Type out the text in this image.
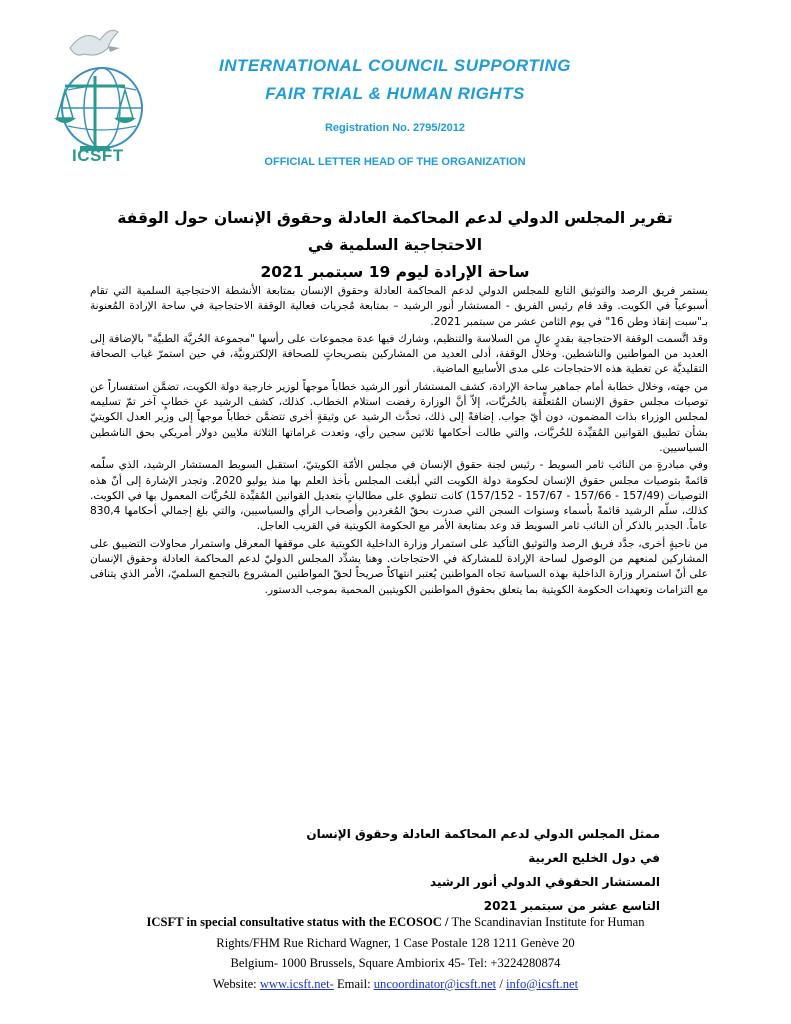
ICSFT
INTERNATIONAL COUNCIL SUPPORTING
FAIR TRIAL & HUMAN RIGHTS
Registration No. 2795/2012
OFFICIAL LETTER HEAD OF THE ORGANIZATION
تقرير المجلس الدولي لدعم المحاكمة العادلة وحقوق الإنسان حول الوقفة الاحتجاجية السلمية في
ساحة الإرادة ليوم 19 سبتمبر 2021

يستمر فريق الرصد والتوثيق التابع للمجلس الدولي لدعم المحاكمة العادلة وحقوق الإنسان بمتابعة الأنشطة الاحتجاجية السلمية التي تقام أسبوعياً في الكويت. وقد قام رئيس الفريق - المستشار أنور الرشيد – بمتابعة مُجريات فعالية الوقفة الاحتجاجية في ساحة الإرادة المُعنونة بـ"سبت إنقاذ وطن 16" في يوم الثامن عشر من سبتمبر 2021.

وقد اتَّسمت الوقفة الاحتجاجية بقدرٍ عالٍ من السلاسة والتنظيم، وشارك فيها عدة مجموعات على رأسها "مجموعة الحُريَّة الطبيَّة" بالإضافة إلى العديد من المواطنين والناشطين. وخلال الوقفة، أدلى العديد من المشاركين بتصريحاتٍ للصحافة الإلكترونيَّة، في حين استمرّ غياب الصحافة التقليديَّة عن تغطية هذه الاحتجاجات على مدى الأسابيع الماضية.

من جهته، وخلال خطابة أمام جماهير ساحة الإرادة، كشف المستشار أنور الرشيد خطاباً موجهاً لوزير خارجية دولة الكويت، تضمَّن استفساراً عن توصيات مجلس حقوق الإنسان المُتعلِّقة بالحُريَّات، إلاّ أنَّ الوزارة رفضت استلام الخطاب. كذلك، كشف الرشيد عن خطابٍ آخر تمّ تسليمه لمجلس الوزراء بذات المضمون، دون أيّ جواب. إضافةً إلى ذلك، تحدَّث الرشيد عن وثيقةٍ أخرى تتضمَّن خطاباً موجهاً إلى وزير العدل الكويتيّ بشأن تطبيق القوانين المُقيِّدة للحُريَّات، والتي طالت أحكامها ثلاثين سجين رأي، وتعدت غراماتها الثلاثة ملايين دولار أمريكي بحق الناشطين السياسيين.

وفي مبادرةٍ من النائب ثامر السويط - رئيس لجنة حقوق الإنسان في مجلس الأمّة الكويتيّ، استقبل السويط المستشار الرشيد، الذي سلّمه قائمةً بتوصيات مجلس حقوق الإنسان لحكومة دولة الكويت التي أبلغت المجلس بأخذ العلم بها منذ يوليو 2020. وتجدر الإشارة إلى أنّ هذه التوصيات (157/49 - 157/66 - 157/67 - 157/152) كانت تنطوي على مطالباتٍ بتعديل القوانين المُقيِّدة للحُريَّات المعمول بها في الكويت. كذلك، سلّم الرشيد قائمةً بأسماء وسنوات السجن التي صدرت بحقّ المُغردين وأصحاب الرأي والسياسيين، والتي بلغ إجمالي أحكامها 830,4 عاماً. الجدير بالذكر أن النائب ثامر السويط قد وعد بمتابعة الأمر مع الحكومة الكويتية في القريب العاجل.

من ناحيةٍ أخرى، جدَّد فريق الرصد والتوثيق التأكيد على استمرار وزارة الداخلية الكويتية على موقفها المعرقل واستمرار محاولات التضييق على المشاركين لمنعهم من الوصول لساحة الإرادة للمشاركة في الاحتجاجات. وهنا يشدِّد المجلس الدوليّ لدعم المحاكمة العادلة وحقوق الإنسان على أنّ استمرار وزارة الداخلية بهذه السياسة تجاه المواطنين يُعتبر انتهاكاً صريحاً لحقّ المواطنين المشروع بالتجمع السلميّ، الأمر الذي يتنافى مع التزامات وتعهدات الحكومة الكويتية بما يتعلق بحقوق المواطنين الكويتيين المحمية بموجب الدستور.

ممثل المجلس الدولي لدعم المحاكمة العادلة وحقوق الإنسان في دول الخليج العربية
المستشار الحقوقي الدولي أنور الرشيد
التاسع عشر من سبتمبر 2021
ICSFT in special consultative status with the ECOSOC / The Scandinavian Institute for Human
Rights/FHM Rue Richard Wagner, 1 Case Postale 128 1211 Genève 20
Belgium- 1000 Brussels, Square Ambiorix 45- Tel: +3224280874
Website: www.icsft.net- Email: uncoordinator@icsft.net / info@icsft.net
